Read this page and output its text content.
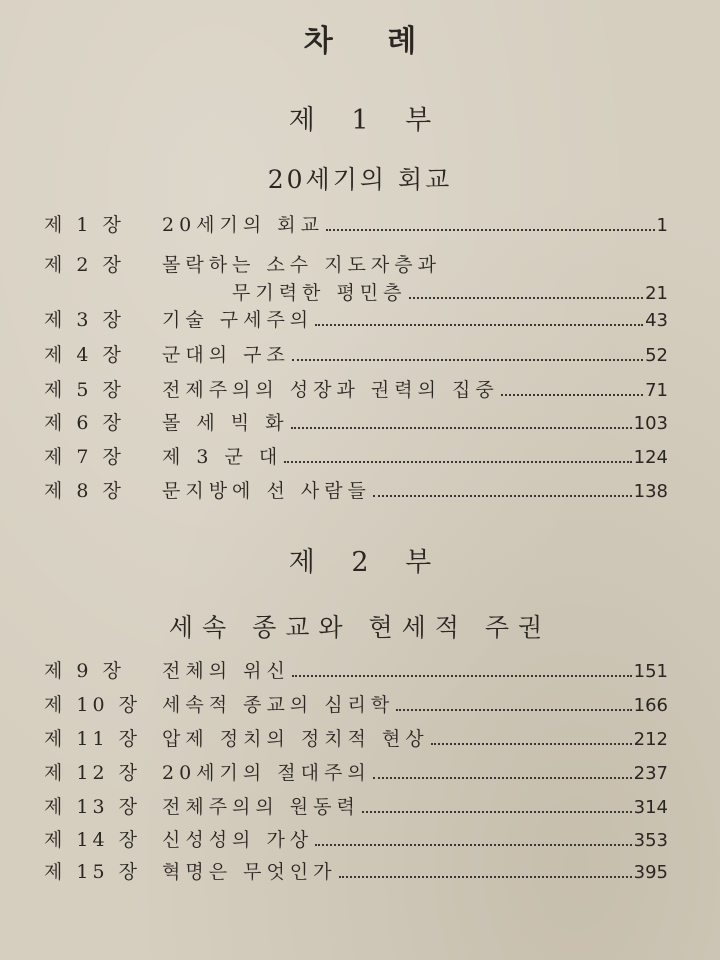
차 례
제 1 부
20세기의 회교
제 1 장 20세기의 회교	1
제 2 장 몰락하는 소수 지도자층과
무기력한 평민층	21
제 3 장 기술 구세주의	43
제 4 장 군대의 구조	52
제 5 장 전제주의의 성장과 권력의 집중	71
제 6 장 몰 세 빅 화	103
제 7 장 제 3 군 대	124
제 8 장 문지방에 선 사람들	138
제 2 부
세속 종교와 현세적 주권
제 9 장 전체의 위신	151
제 10 장 세속적 종교의 심리학	166
제 11 장 압제 정치의 정치적 현상	212
제 12 장 20세기의 절대주의	237
제 13 장 전체주의의 원동력	314
제 14 장 신성성의 가상	353
제 15 장 혁명은 무엇인가	395
